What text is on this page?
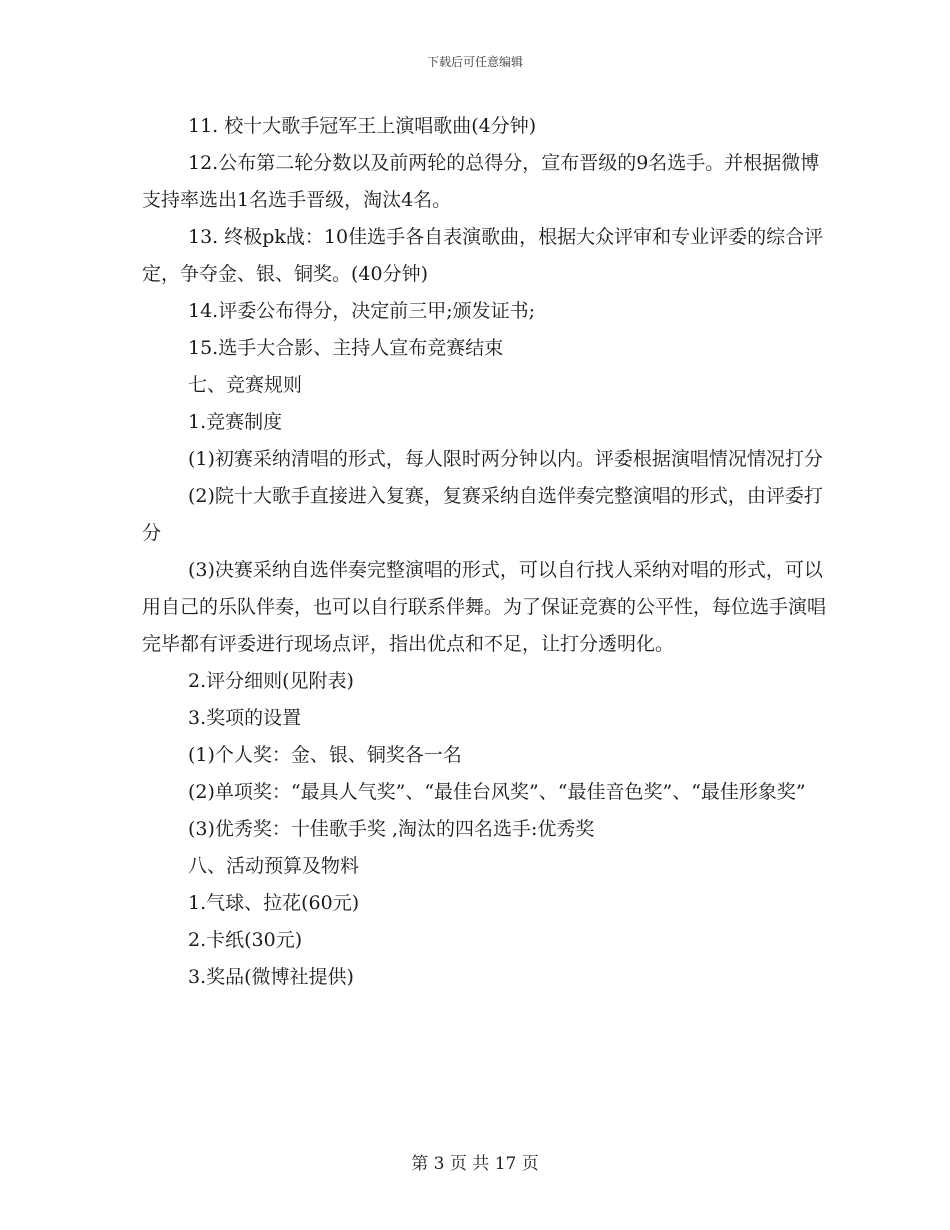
下载后可任意编辑

11. 校十大歌手冠军王上演唱歌曲(4分钟)

12.公布第二轮分数以及前两轮的总得分，宣布晋级的9名选手。并根据微博支持率选出1名选手晋级，淘汰4名。

13. 终极pk战：10佳选手各自表演歌曲，根据大众评审和专业评委的综合评定，争夺金、银、铜奖。(40分钟)

14.评委公布得分，决定前三甲;颁发证书;

15.选手大合影、主持人宣布竞赛结束

七、竞赛规则

1.竞赛制度

(1)初赛采纳清唱的形式，每人限时两分钟以内。评委根据演唱情况情况打分

(2)院十大歌手直接进入复赛，复赛采纳自选伴奏完整演唱的形式，由评委打分

(3)决赛采纳自选伴奏完整演唱的形式，可以自行找人采纳对唱的形式，可以用自己的乐队伴奏，也可以自行联系伴舞。为了保证竞赛的公平性，每位选手演唱完毕都有评委进行现场点评，指出优点和不足，让打分透明化。

2.评分细则(见附表)

3.奖项的设置

(1)个人奖：金、银、铜奖各一名

(2)单项奖：“最具人气奖”、“最佳台风奖”、“最佳音色奖”、“最佳形象奖”

(3)优秀奖：十佳歌手奖 ,淘汰的四名选手:优秀奖

八、活动预算及物料

1.气球、拉花(60元)

2.卡纸(30元)

3.奖品(微博社提供)

第 3 页 共 17 页
